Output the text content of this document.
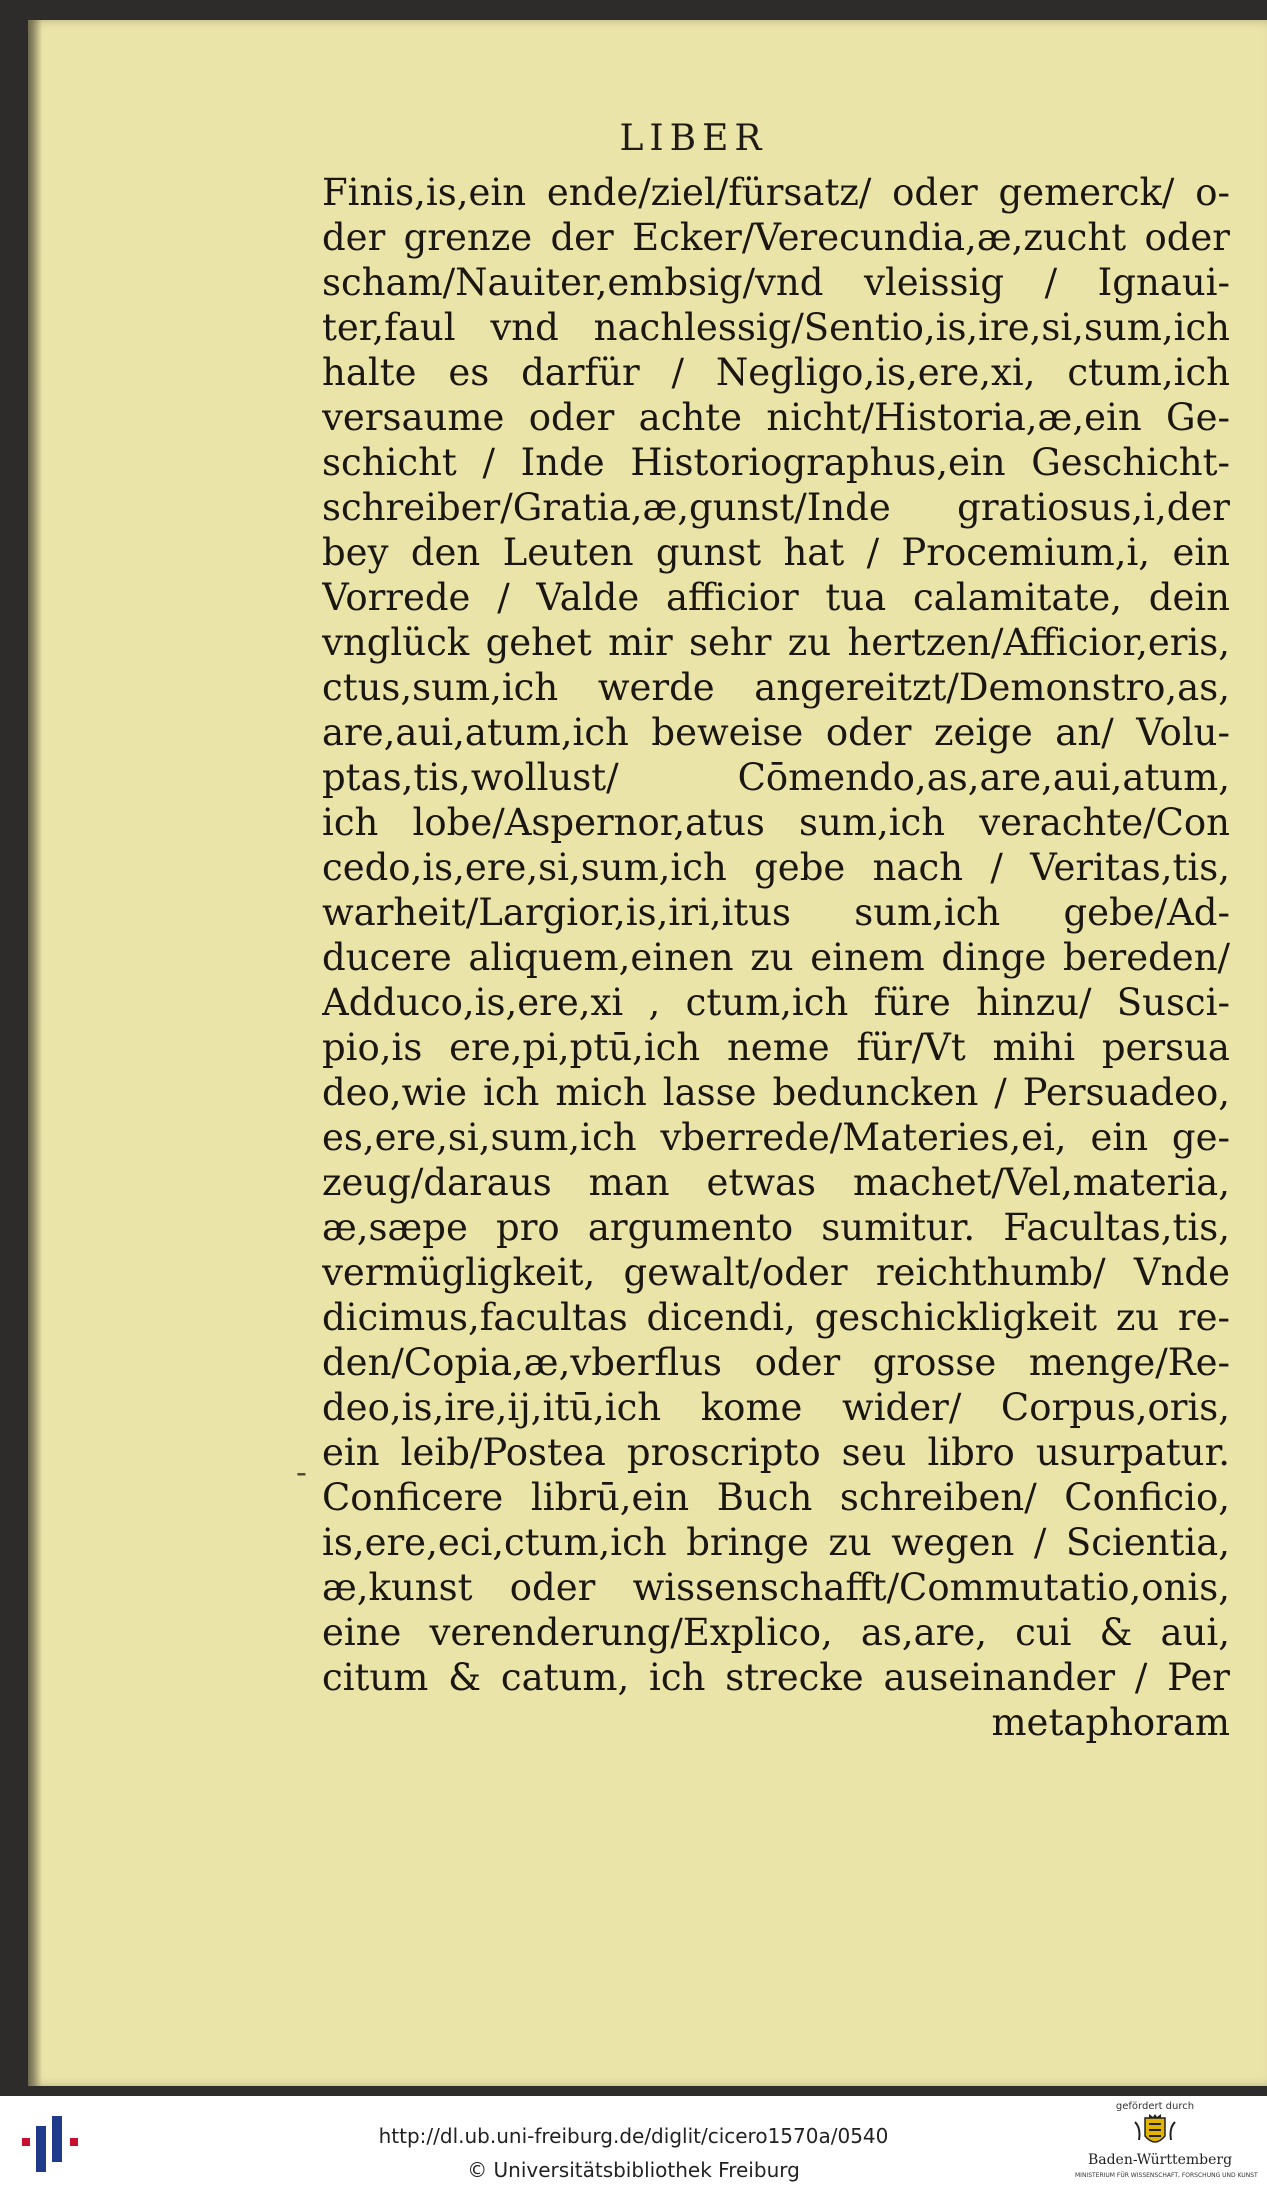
LIBER
-
Finis,is,ein ende/ziel/fürsatz/ oder gemerck/ o-
der grenze der Ecker/Verecundia,æ,zucht oder
scham/Nauiter,embsig/vnd vleissig / Ignaui-
ter,faul vnd nachlessig/Sentio,is,ire,si,sum,ich
halte es darfür / Negligo,is,ere,xi, ctum,ich
versaume oder achte nicht/Historia,æ,ein Ge-
schicht / Inde Historiographus,ein Geschicht-
schreiber/Gratia,æ,gunst/Inde gratiosus,i,der
bey den Leuten gunst hat / Procemium,i, ein
Vorrede / Valde afficior tua calamitate, dein
vnglück gehet mir sehr zu hertzen/Afficior,eris,
ctus,sum,ich werde angereitzt/Demonstro,as,
are,aui,atum,ich beweise oder zeige an/ Volu-
ptas,tis,wollust/ Cōmendo,as,are,aui,atum,
ich lobe/Aspernor,atus sum,ich verachte/Con
cedo,is,ere,si,sum,ich gebe nach / Veritas,tis,
warheit/Largior,is,iri,itus sum,ich gebe/Ad-
ducere aliquem,einen zu einem dinge bereden/
Adduco,is,ere,xi , ctum,ich füre hinzu/ Susci-
pio,is ere,pi,ptū,ich neme für/Vt mihi persua
deo,wie ich mich lasse beduncken / Persuadeo,
es,ere,si,sum,ich vberrede/Materies,ei, ein ge-
zeug/daraus man etwas machet/Vel,materia,
æ,sæpe pro argumento sumitur. Facultas,tis,
vermügligkeit, gewalt/oder reichthumb/ Vnde
dicimus,facultas dicendi, geschickligkeit zu re-
den/Copia,æ,vberflus oder grosse menge/Re-
deo,is,ire,ij,itū,ich kome wider/ Corpus,oris,
ein leib/Postea proscripto seu libro usurpatur.
Conficere librū,ein Buch schreiben/ Conficio,
is,ere,eci,ctum,ich bringe zu wegen / Scientia,
æ,kunst oder wissenschafft/Commutatio,onis,
eine verenderung/Explico, as,are, cui & aui,
citum & catum, ich strecke auseinander / Per
metaphoram
http://dl.ub.uni-freiburg.de/diglit/cicero1570a/0540
© Universitätsbibliothek Freiburg
gefördert durch
Baden-Württemberg
MINISTERIUM FÜR WISSENSCHAFT, FORSCHUNG UND KUNST
